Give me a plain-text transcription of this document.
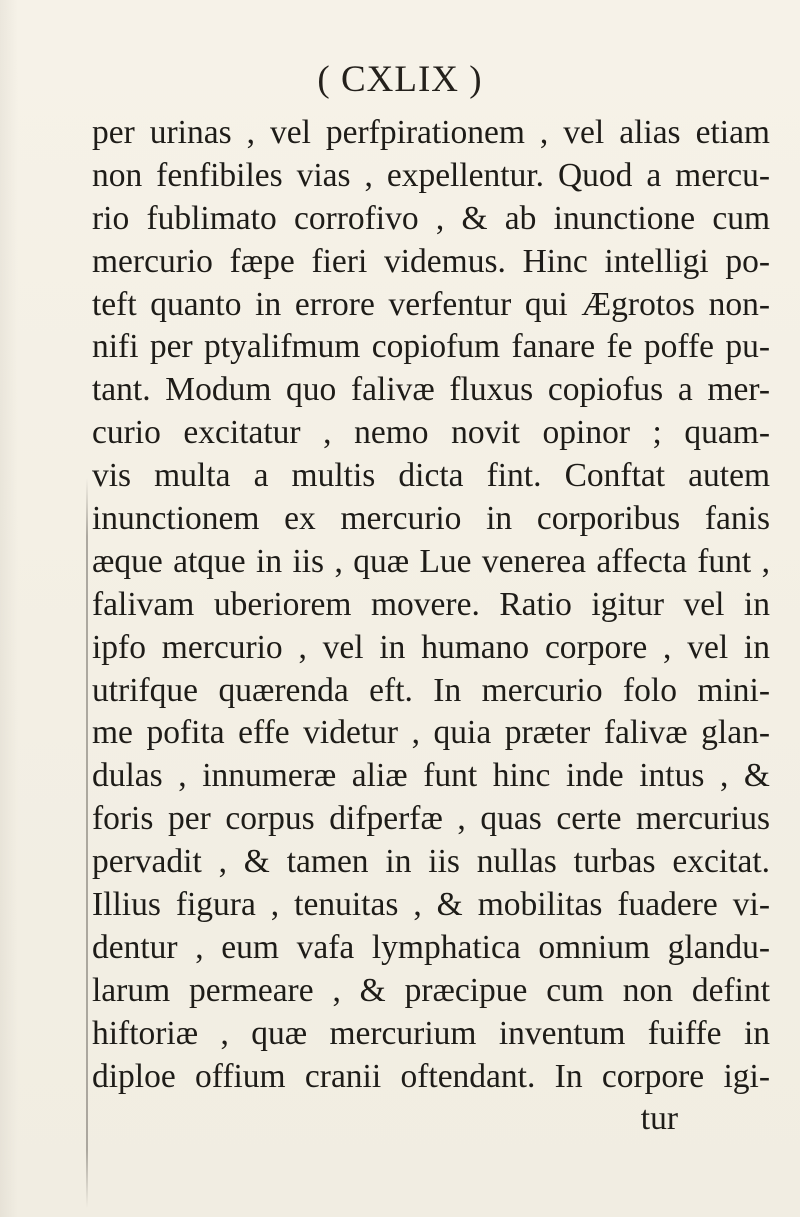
( CXLIX )
per urinas , vel perfpirationem , vel alias etiam
non fenfibiles vias , expellentur. Quod a mercu-
rio fublimato corrofivo , & ab inunctione cum
mercurio fæpe fieri videmus. Hinc intelligi po-
teft quanto in errore verfentur qui Ægrotos non-
nifi per ptyalifmum copiofum fanare fe poffe pu-
tant. Modum quo falivæ fluxus copiofus a mer-
curio excitatur , nemo novit opinor ; quam-
vis multa a multis dicta fint. Conftat autem
inunctionem ex mercurio in corporibus fanis
æque atque in iis , quæ Lue venerea affecta funt ,
falivam uberiorem movere. Ratio igitur vel in
ipfo mercurio , vel in humano corpore , vel in
utrifque quærenda eft. In mercurio folo mini-
me pofita effe videtur , quia præter falivæ glan-
dulas , innumeræ aliæ funt hinc inde intus , &
foris per corpus difperfæ , quas certe mercurius
pervadit , & tamen in iis nullas turbas excitat.
Illius figura , tenuitas , & mobilitas fuadere vi-
dentur , eum vafa lymphatica omnium glandu-
larum permeare , & præcipue cum non defint
hiftoriæ , quæ mercurium inventum fuiffe in
diploe offium cranii oftendant. In corpore igi-
tur
